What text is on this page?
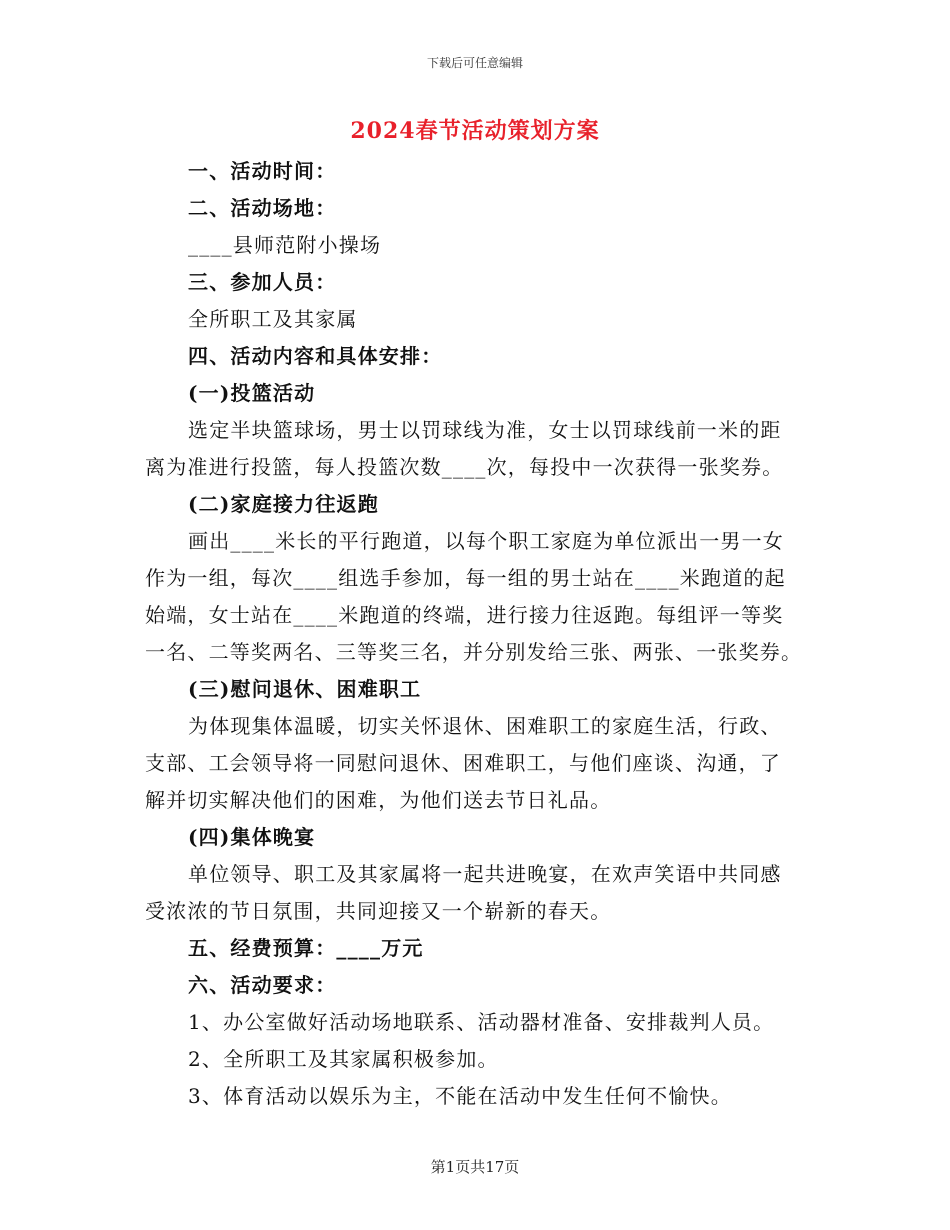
下载后可任意编辑
2024春节活动策划方案
一、活动时间：
二、活动场地：
____县师范附小操场
三、参加人员：
全所职工及其家属
四、活动内容和具体安排：
(一)投篮活动
选定半块篮球场，男士以罚球线为准，女士以罚球线前一米的距
离为准进行投篮，每人投篮次数____次，每投中一次获得一张奖券。
(二)家庭接力往返跑
画出____米长的平行跑道，以每个职工家庭为单位派出一男一女
作为一组，每次____组选手参加，每一组的男士站在____米跑道的起
始端，女士站在____米跑道的终端，进行接力往返跑。每组评一等奖
一名、二等奖两名、三等奖三名，并分别发给三张、两张、一张奖券。
(三)慰问退休、困难职工
为体现集体温暖，切实关怀退休、困难职工的家庭生活，行政、
支部、工会领导将一同慰问退休、困难职工，与他们座谈、沟通，了
解并切实解决他们的困难，为他们送去节日礼品。
(四)集体晚宴
单位领导、职工及其家属将一起共进晚宴，在欢声笑语中共同感
受浓浓的节日氛围，共同迎接又一个崭新的春天。
五、经费预算：____万元
六、活动要求：
1、办公室做好活动场地联系、活动器材准备、安排裁判人员。
2、全所职工及其家属积极参加。
3、体育活动以娱乐为主，不能在活动中发生任何不愉快。
第1页共17页
